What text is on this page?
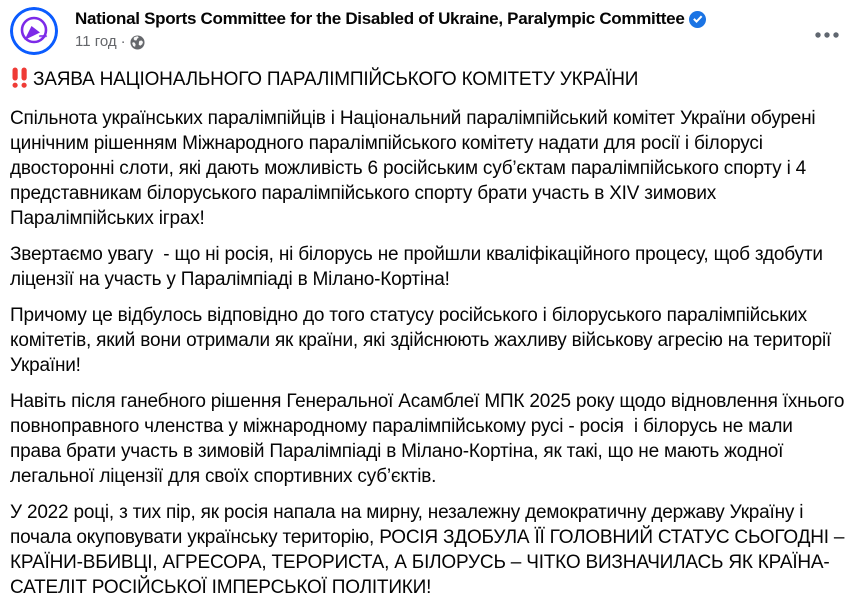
National Sports Committee for the Disabled of Ukraine, Paralympic Committee
11 год ·

ЗАЯВА НАЦІОНАЛЬНОГО ПАРАЛІМПІЙСЬКОГО КОМІТЕТУ УКРАЇНИ

Спільнота українських паралімпійців і Національний паралімпійський комітет України обурені цинічним рішенням Міжнародного паралімпійського комітету надати для росії і білорусі двосторонні слоти, які дають можливість 6 російським суб’єктам паралімпійського спорту і 4 представникам білоруського паралімпійського спорту брати участь в XIV зимових Паралімпійських іграх!

Звертаємо увагу  - що ні росія, ні білорусь не пройшли кваліфікаційного процесу, щоб здобути ліцензії на участь у Паралімпіаді в Мілано-Кортіна!

Причому це відбулось відповідно до того статусу російського і білоруського паралімпійських комітетів, який вони отримали як країни, які здійснюють жахливу військову агресію на території України!

Навіть після ганебного рішення Генеральної Асамблеї МПК 2025 року щодо відновлення їхнього повноправного членства у міжнародному паралімпійському русі - росія  і білорусь не мали права брати участь в зимовій Паралімпіаді в Мілано-Кортіна, як такі, що не мають жодної легальної ліцензії для своїх спортивних суб’єктів.

У 2022 році, з тих пір, як росія напала на мирну, незалежну демократичну державу Україну і почала окуповувати українську територію, РОСІЯ ЗДОБУЛА ЇЇ ГОЛОВНИЙ СТАТУС СЬОГОДНІ – КРАЇНИ-ВБИВЦІ, АГРЕСОРА, ТЕРОРИСТА, А БІЛОРУСЬ – ЧІТКО ВИЗНАЧИЛАСЬ ЯК КРАЇНА-САТЕЛІТ РОСІЙСЬКОЇ ІМПЕРСЬКОЇ ПОЛІТИКИ!
